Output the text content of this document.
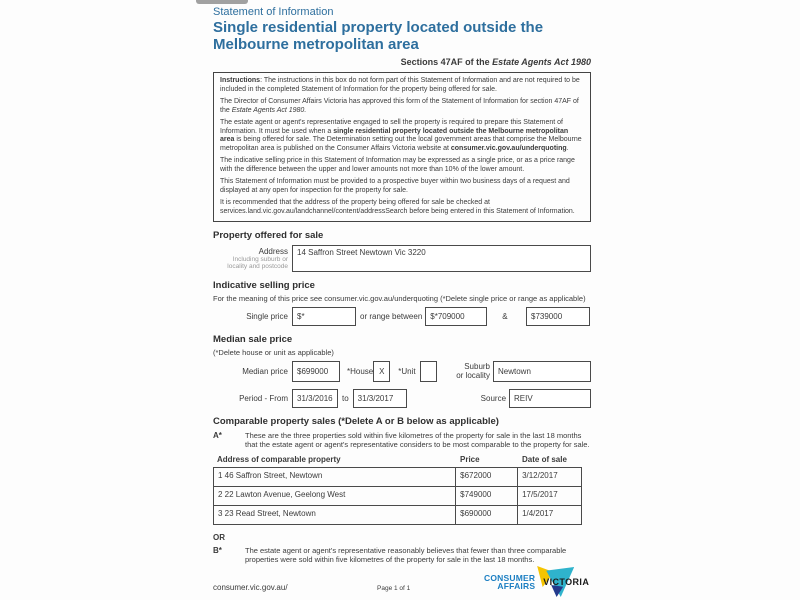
Statement of Information
Single residential property located outside the
Melbourne metropolitan area
Sections 47AF of the Estate Agents Act 1980

Instructions: The instructions in this box do not form part of this Statement of Information and are not required to be included in the completed Statement of Information for the property being offered for sale.

The Director of Consumer Affairs Victoria has approved this form of the Statement of Information for section 47AF of the Estate Agents Act 1980.

The estate agent or agent's representative engaged to sell the property is required to prepare this Statement of Information. It must be used when a single residential property located outside the Melbourne metropolitan area is being offered for sale. The Determination setting out the local government areas that comprise the Melbourne metropolitan area is published on the Consumer Affairs Victoria website at consumer.vic.gov.au/underquoting.

The indicative selling price in this Statement of Information may be expressed as a single price, or as a price range with the difference between the upper and lower amounts not more than 10% of the lower amount.

This Statement of Information must be provided to a prospective buyer within two business days of a request and displayed at any open for inspection for the property for sale.

It is recommended that the address of the property being offered for sale be checked at services.land.vic.gov.au/landchannel/content/addressSearch before being entered in this Statement of Information.

Property offered for sale
Address
Including suburb or locality and postcode
14 Saffron Street Newtown Vic 3220
Indicative selling price
For the meaning of this price see consumer.vic.gov.au/underquoting (*Delete single price or range as applicable)
Single price	$*	or range between	$*709000	&	$739000
Median sale price
(*Delete house or unit as applicable)
Median price	$699000	*House X	*Unit
Suburb
or locality	Newtown
Period - From	31/3/2016	to	31/3/2017	Source	REIV
Comparable property sales (*Delete A or B below as applicable)
A*	These are the three properties sold within five kilometres of the property for sale in the last 18 months that the estate agent or agent's representative considers to be most comparable to the property for sale.
Address of comparable property	Price	Date of sale
1 46 Saffron Street, Newtown	$672000	3/12/2017
2 22 Lawton Avenue, Geelong West	$749000	17/5/2017
3 23 Read Street, Newtown	$690000	1/4/2017
OR
B*	The estate agent or agent's representative reasonably believes that fewer than three comparable properties were sold within five kilometres of the property for sale in the last 18 months.
consumer.vic.gov.au/	Page 1 of 1
CONSUMER
AFFAIRS VICTORIA
